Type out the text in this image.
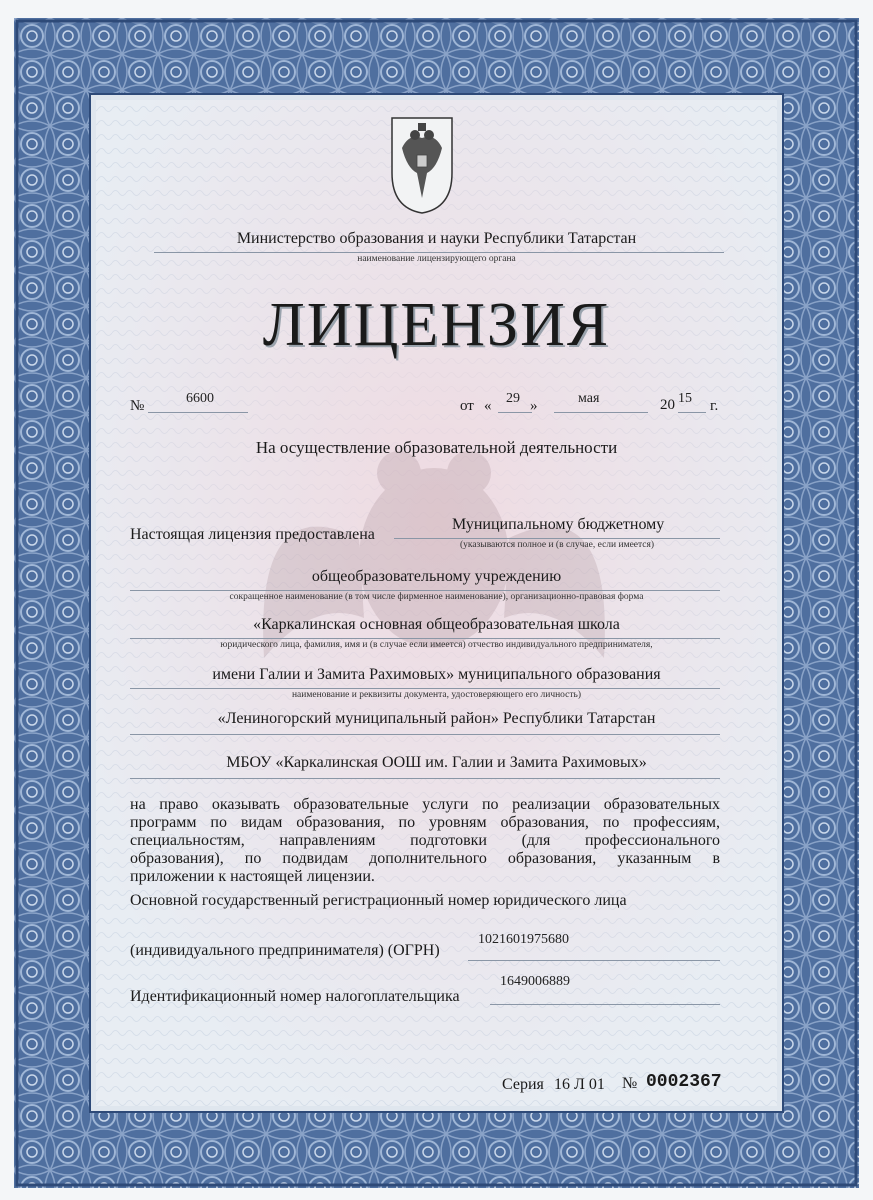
Министерство образования и науки Республики Татарстан

наименование лицензирующего органа

ЛИЦЕНЗИЯ

№	6600	от « 29 »	мая	20 15 г.

На осуществление образовательной деятельности

Настоящая лицензия предоставлена

Муниципальному бюджетному

(указываются полное и (в случае, если имеется)

общеобразовательному учреждению

сокращенное наименование (в том числе фирменное наименование), организационно-правовая форма

«Каркалинская основная общеобразовательная школа

юридического лица, фамилия, имя и (в случае если имеется) отчество индивидуального предпринимателя,

имени Галии и Замита Рахимовых» муниципального образования

наименование и реквизиты документа, удостоверяющего его личность)

«Лениногорский муниципальный район» Республики Татарстан

МБОУ «Каркалинская ООШ им. Галии и Замита Рахимовых»

на право оказывать образовательные услуги по реализации образовательных

программ по видам образования, по уровням образования, по профессиям,

специальностям, направлениям подготовки (для профессионального

образования), по подвидам дополнительного образования, указанным в

приложении к настоящей лицензии.

Основной государственный регистрационный номер юридического лица

(индивидуального предпринимателя) (ОГРН)

1021601975680

Идентификационный номер налогоплательщика

1649006889

Серия 16 Л 01 № 0002367
